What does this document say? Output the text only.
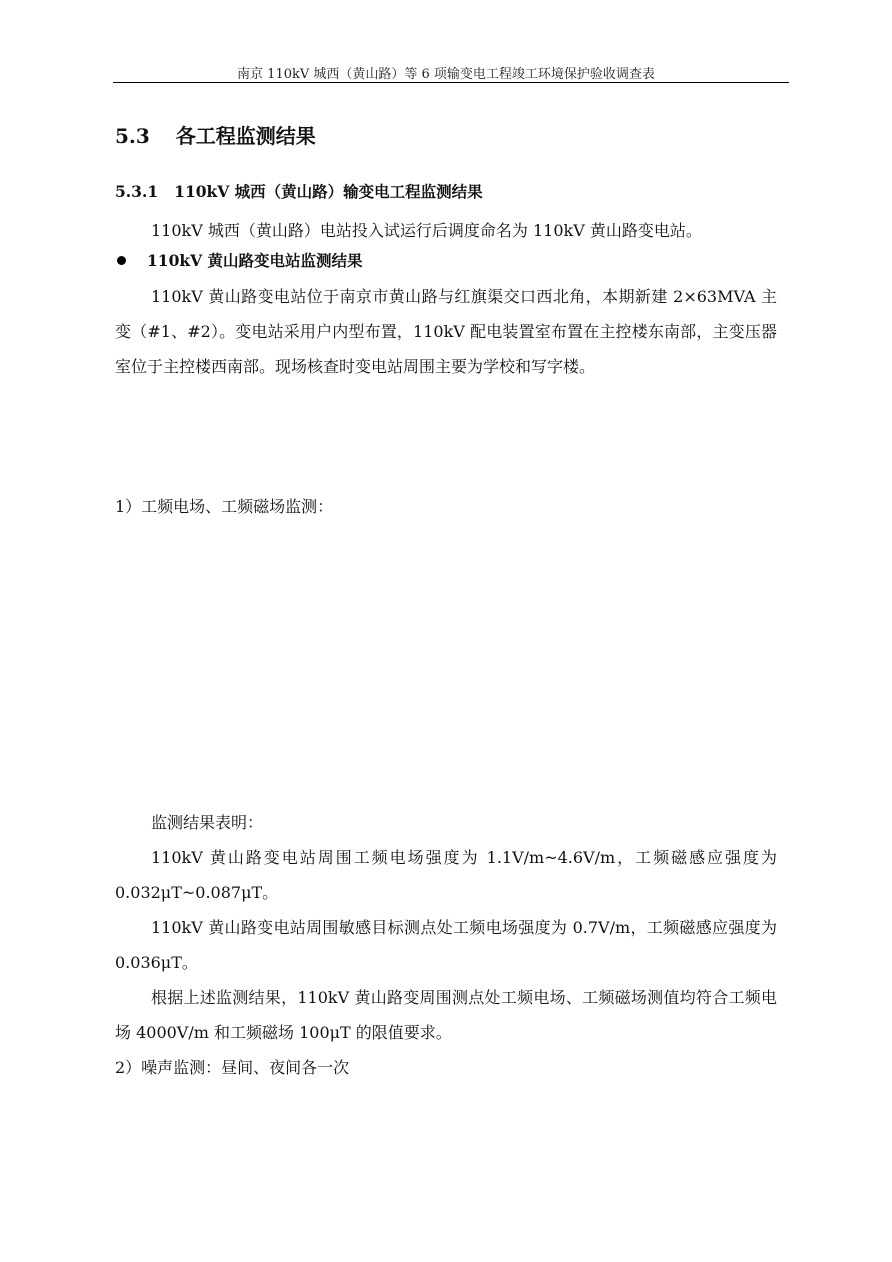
南京 110kV 城西（黄山路）等 6 项输变电工程竣工环境保护验收调查表
5.3 各工程监测结果
5.3.1 110kV 城西（黄山路）输变电工程监测结果
110kV 城西（黄山路）电站投入试运行后调度命名为 110kV 黄山路变电站。
110kV 黄山路变电站监测结果
110kV 黄山路变电站位于南京市黄山路与红旗渠交口西北角，本期新建 2×63MVA 主变（#1、#2）。变电站采用户内型布置，110kV 配电装置室布置在主控楼东南部，主变压器室位于主控楼西南部。现场核查时变电站周围主要为学校和写字楼。
1）工频电场、工频磁场监测：
监测结果表明：
110kV 黄山路变电站周围工频电场强度为 1.1V/m~4.6V/m，工频磁感应强度为 0.032μT~0.087μT。
110kV 黄山路变电站周围敏感目标测点处工频电场强度为 0.7V/m，工频磁感应强度为 0.036μT。
根据上述监测结果，110kV 黄山路变周围测点处工频电场、工频磁场测值均符合工频电场 4000V/m 和工频磁场 100μT 的限值要求。
2）噪声监测：昼间、夜间各一次
